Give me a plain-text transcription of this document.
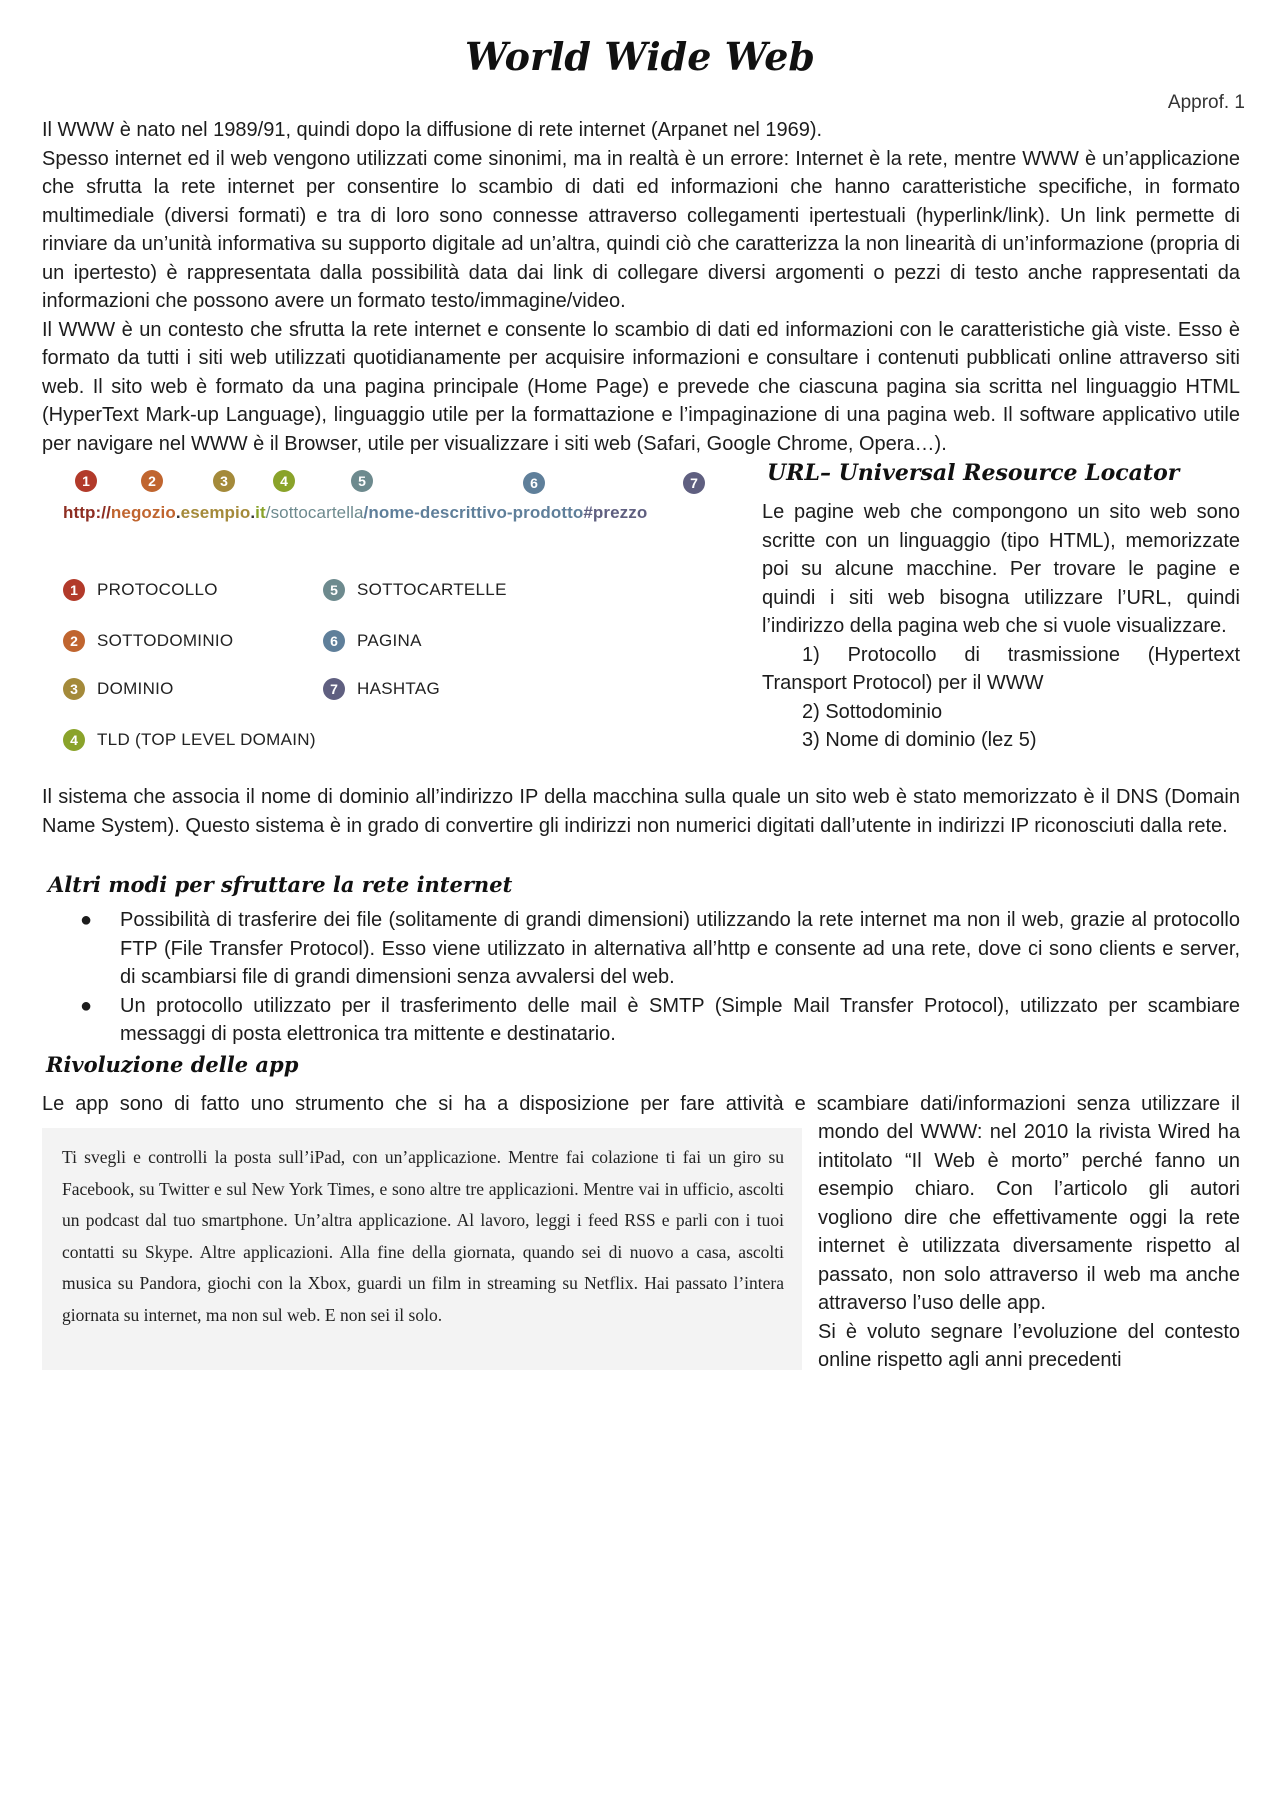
World Wide Web
Approf. 1

Il WWW è nato nel 1989/91, quindi dopo la diffusione di rete internet (Arpanet nel 1969).

Spesso internet ed il web vengono utilizzati come sinonimi, ma in realtà è un errore: Internet è la rete, mentre WWW è un’applicazione che sfrutta la rete internet per consentire lo scambio di dati ed informazioni che hanno caratteristiche specifiche, in formato multimediale (diversi formati) e tra di loro sono connesse attraverso collegamenti ipertestuali (hyperlink/link). Un link permette di rinviare da un’unità informativa su supporto digitale ad un’altra, quindi ciò che caratterizza la non linearità di un’informazione (propria di un ipertesto) è rappresentata dalla possibilità data dai link di collegare diversi argomenti o pezzi di testo anche rappresentati da informazioni che possono avere un formato testo/immagine/video.

Il WWW è un contesto che sfrutta la rete internet e consente lo scambio di dati ed informazioni con le caratteristiche già viste. Esso è formato da tutti i siti web utilizzati quotidianamente per acquisire informazioni e consultare i contenuti pubblicati online attraverso siti web. Il sito web è formato da una pagina principale (Home Page) e prevede che ciascuna pagina sia scritta nel linguaggio HTML (HyperText Mark-up Language), linguaggio utile per la formattazione e l’impaginazione di una pagina web. Il software applicativo utile per navigare nel WWW è il Browser, utile per visualizzare i siti web (Safari, Google Chrome, Opera…).

1	2	3	4	5	6	7
http://negozio.esempio.it/sottocartella/nome-descrittivo-prodotto#prezzo
1	PROTOCOLLO
2	SOTTODOMINIO
3	DOMINIO
4	TLD (TOP LEVEL DOMAIN)
5	SOTTOCARTELLE
6	PAGINA
7	HASHTAG
URL– Universal Resource Locator

Le pagine web che compongono un sito web sono scritte con un linguaggio (tipo HTML), memorizzate poi su alcune macchine. Per trovare le pagine e quindi i siti web bisogna utilizzare l’URL, quindi l’indirizzo della pagina web che si vuole visualizzare.

1) Protocollo di trasmissione (Hypertext Transport Protocol) per il WWW

2) Sottodominio

3) Nome di dominio (lez 5)

Il sistema che associa il nome di dominio all’indirizzo IP della macchina sulla quale un sito web è stato memorizzato è il DNS (Domain Name System). Questo sistema è in grado di convertire gli indirizzi non numerici digitati dall’utente in indirizzi IP riconosciuti dalla rete.

Altri modi per sfruttare la rete internet
● Possibilità di trasferire dei file (solitamente di grandi dimensioni) utilizzando la rete internet ma non il web, grazie al protocollo FTP (File Transfer Protocol). Esso viene utilizzato in alternativa all’http e consente ad una rete, dove ci sono clients e server, di scambiarsi file di grandi dimensioni senza avvalersi del web.
● Un protocollo utilizzato per il trasferimento delle mail è SMTP (Simple Mail Transfer Protocol), utilizzato per scambiare messaggi di posta elettronica tra mittente e destinatario.
Rivoluzione delle app

Le app sono di fatto uno strumento che si ha a disposizione per fare attività e scambiare dati/informazioni senza utilizzare il

Ti svegli e controlli la posta sull’iPad, con un’applicazione. Mentre fai colazione ti fai un giro su Facebook, su Twitter e sul New York Times, e sono altre tre applicazioni. Mentre vai in ufficio, ascolti un podcast dal tuo smartphone. Un’altra applicazione. Al lavoro, leggi i feed RSS e parli con i tuoi contatti su Skype. Altre applicazioni. Alla fine della giornata, quando sei di nuovo a casa, ascolti musica su Pandora, giochi con la Xbox, guardi un film in streaming su Netflix. Hai passato l’intera giornata su internet, ma non sul web. E non sei il solo.

mondo del WWW: nel 2010 la rivista Wired ha intitolato “Il Web è morto” perché fanno un esempio chiaro. Con l’articolo gli autori vogliono dire che effettivamente oggi la rete internet è utilizzata diversamente rispetto al passato, non solo attraverso il web ma anche attraverso l’uso delle app.

Si è voluto segnare l’evoluzione del contesto online rispetto agli anni precedenti
